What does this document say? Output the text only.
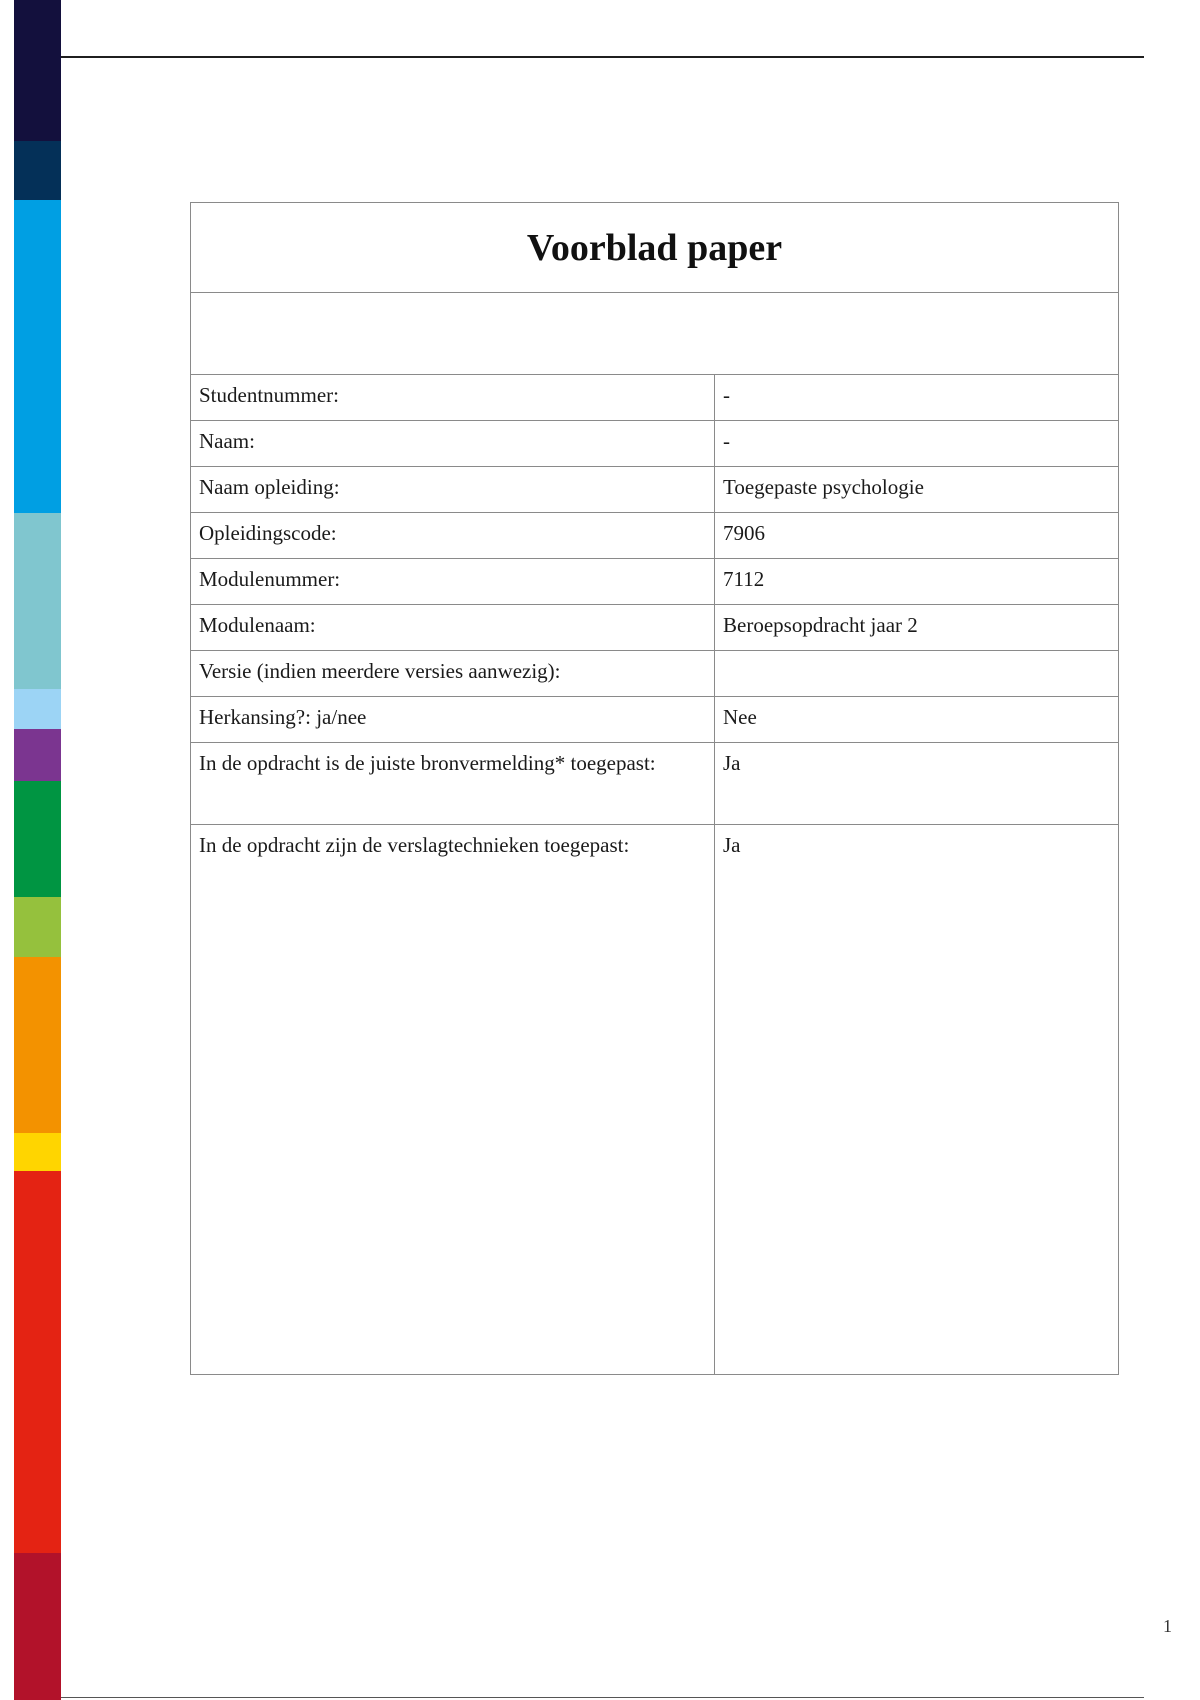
Voorblad paper	

Studentnummer:	-
Naam:	-
Naam opleiding:	Toegepaste psychologie
Opleidingscode:	7906
Modulenummer:	7112
Modulenaam:	Beroepsopdracht jaar 2
Versie (indien meerdere versies aanwezig):	
Herkansing?: ja/nee	Nee
In de opdracht is de juiste bronvermelding* toegepast:	Ja
In de opdracht zijn de verslagtechnieken toegepast:	Ja
1
